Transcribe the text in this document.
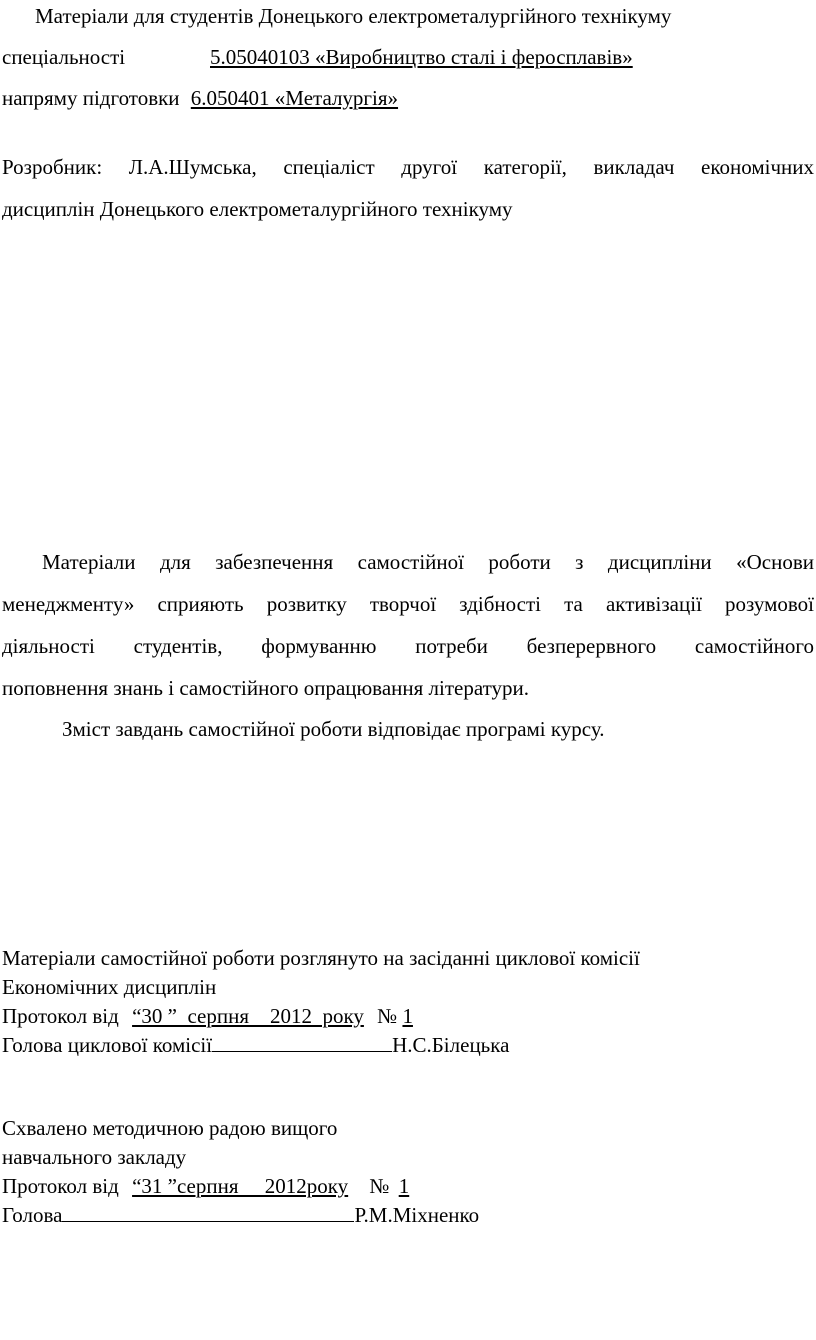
Матеріали для студентів Донецького електрометалургійного технікуму
спеціальності	5.05040103 «Виробництво сталі і феросплавів»
напряму підготовки 6.050401 «Металургія»
Розробник: Л.А.Шумська, спеціаліст другої категорії, викладач економічних
дисциплін Донецького електрометалургійного технікуму
Матеріали для забезпечення самостійної роботи з дисципліни «Основи
менеджменту» сприяють розвитку творчої здібності та активізації розумової
діяльності студентів, формуванню потреби безперервного самостійного
поповнення знань і самостійного опрацювання літератури.
Зміст завдань самостійної роботи відповідає програмі курсу.
Матеріали самостійної роботи розглянуто на засіданні циклової комісії
Економічних дисциплін
Протокол від “30 ”  серпня    2012  року № 1
Голова циклової комісії	Н.С.Білецька
Схвалено методичною радою вищого
навчального закладу
Протокол від “31 ”серпня     2012року № 1
Голова	Р.М.Міхненко
